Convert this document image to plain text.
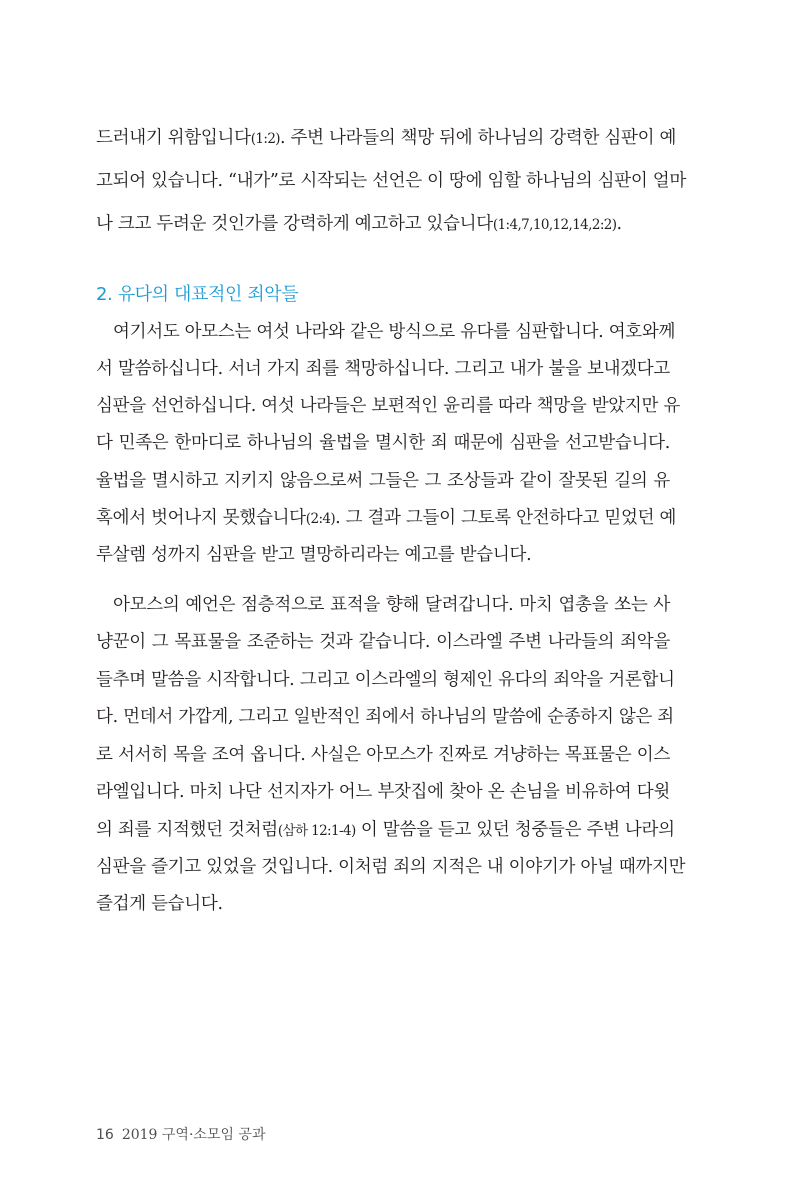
드러내기 위함입니다(1:2). 주변 나라들의 책망 뒤에 하나님의 강력한 심판이 예
고되어 있습니다. “내가”로 시작되는 선언은 이 땅에 임할 하나님의 심판이 얼마
나 크고 두려운 것인가를 강력하게 예고하고 있습니다(1:4,7,10,12,14,2:2).
2. 유다의 대표적인 죄악들
여기서도 아모스는 여섯 나라와 같은 방식으로 유다를 심판합니다. 여호와께
서 말씀하십니다. 서너 가지 죄를 책망하십니다. 그리고 내가 불을 보내겠다고
심판을 선언하십니다. 여섯 나라들은 보편적인 윤리를 따라 책망을 받았지만 유
다 민족은 한마디로 하나님의 율법을 멸시한 죄 때문에 심판을 선고받습니다.
율법을 멸시하고 지키지 않음으로써 그들은 그 조상들과 같이 잘못된 길의 유
혹에서 벗어나지 못했습니다(2:4). 그 결과 그들이 그토록 안전하다고 믿었던 예
루살렘 성까지 심판을 받고 멸망하리라는 예고를 받습니다.
아모스의 예언은 점층적으로 표적을 향해 달려갑니다. 마치 엽총을 쏘는 사
냥꾼이 그 목표물을 조준하는 것과 같습니다. 이스라엘 주변 나라들의 죄악을
들추며 말씀을 시작합니다. 그리고 이스라엘의 형제인 유다의 죄악을 거론합니
다. 먼데서 가깝게, 그리고 일반적인 죄에서 하나님의 말씀에 순종하지 않은 죄
로 서서히 목을 조여 옵니다. 사실은 아모스가 진짜로 겨냥하는 목표물은 이스
라엘입니다. 마치 나단 선지자가 어느 부잣집에 찾아 온 손님을 비유하여 다윗
의 죄를 지적했던 것처럼(삼하 12:1-4) 이 말씀을 듣고 있던 청중들은 주변 나라의
심판을 즐기고 있었을 것입니다. 이처럼 죄의 지적은 내 이야기가 아닐 때까지만
즐겁게 듣습니다.
16 2019 구역·소모임 공과
